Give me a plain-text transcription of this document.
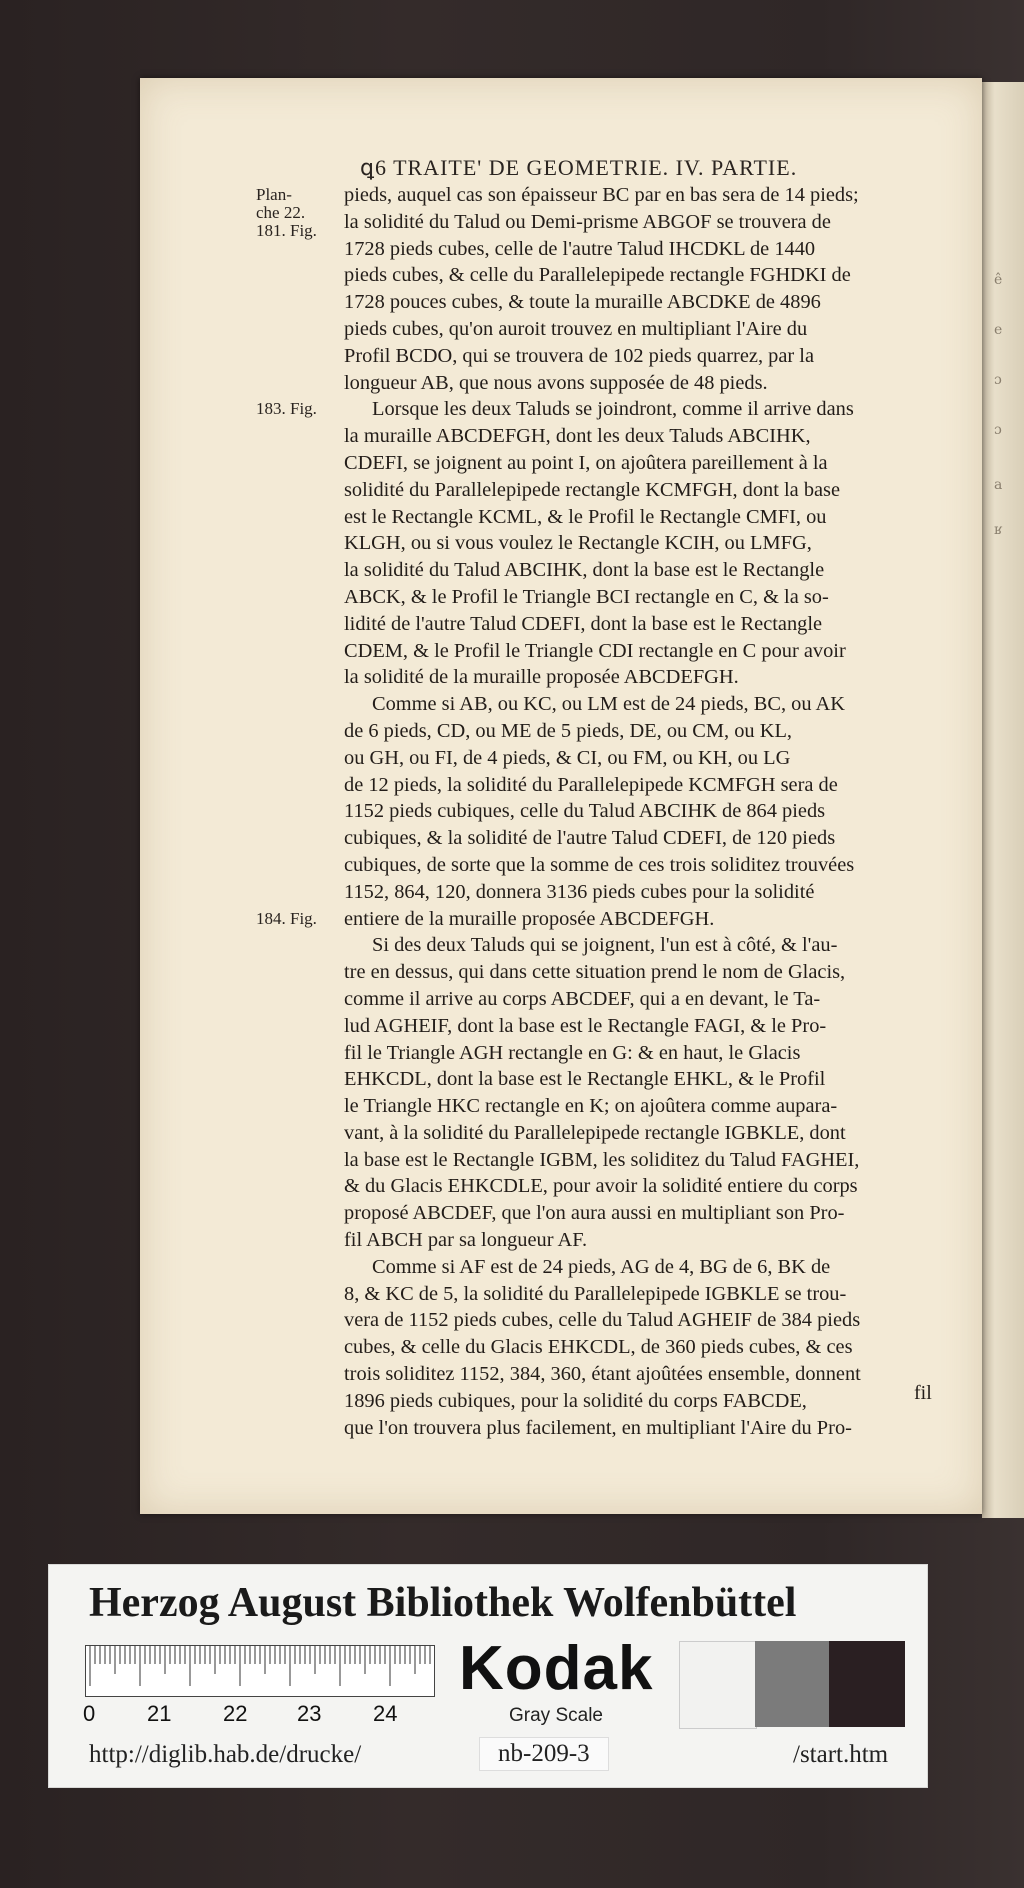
ê
e
ɔ
ɔ
a
ʁ
ꝗ6 TRAITE' DE GEOMETRIE. IV. PARTIE.
Plan-
che 22.
181. Fig.
183. Fig.
184. Fig.
pieds, auquel cas son épaisseur BC par en bas sera de 14 pieds;
la solidité du Talud ou Demi-prisme ABGOF se trouvera de
1728 pieds cubes, celle de l'autre Talud IHCDKL de 1440
pieds cubes, & celle du Parallelepipede rectangle FGHDKI de
1728 pouces cubes, & toute la muraille ABCDKE de 4896
pieds cubes, qu'on auroit trouvez en multipliant l'Aire du
Profil BCDO, qui se trouvera de 102 pieds quarrez, par la
longueur AB, que nous avons supposée de 48 pieds.
Lorsque les deux Taluds se joindront, comme il arrive dans
la muraille ABCDEFGH, dont les deux Taluds ABCIHK,
CDEFI, se joignent au point I, on ajoûtera pareillement à la
solidité du Parallelepipede rectangle KCMFGH, dont la base
est le Rectangle KCML, & le Profil le Rectangle CMFI, ou
KLGH, ou si vous voulez le Rectangle KCIH, ou LMFG,
la solidité du Talud ABCIHK, dont la base est le Rectangle
ABCK, & le Profil le Triangle BCI rectangle en C, & la so-
lidité de l'autre Talud CDEFI, dont la base est le Rectangle
CDEM, & le Profil le Triangle CDI rectangle en C pour avoir
la solidité de la muraille proposée ABCDEFGH.
Comme si AB, ou KC, ou LM est de 24 pieds, BC, ou AK
de 6 pieds, CD, ou ME de 5 pieds, DE, ou CM, ou KL,
ou GH, ou FI, de 4 pieds, & CI, ou FM, ou KH, ou LG
de 12 pieds, la solidité du Parallelepipede KCMFGH sera de
1152 pieds cubiques, celle du Talud ABCIHK de 864 pieds
cubiques, & la solidité de l'autre Talud CDEFI, de 120 pieds
cubiques, de sorte que la somme de ces trois soliditez trouvées
1152, 864, 120, donnera 3136 pieds cubes pour la solidité
entiere de la muraille proposée ABCDEFGH.
Si des deux Taluds qui se joignent, l'un est à côté, & l'au-
tre en dessus, qui dans cette situation prend le nom de Glacis,
comme il arrive au corps ABCDEF, qui a en devant, le Ta-
lud AGHEIF, dont la base est le Rectangle FAGI, & le Pro-
fil le Triangle AGH rectangle en G: & en haut, le Glacis
EHKCDL, dont la base est le Rectangle EHKL, & le Profil
le Triangle HKC rectangle en K; on ajoûtera comme aupara-
vant, à la solidité du Parallelepipede rectangle IGBKLE, dont
la base est le Rectangle IGBM, les soliditez du Talud FAGHEI,
& du Glacis EHKCDLE, pour avoir la solidité entiere du corps
proposé ABCDEF, que l'on aura aussi en multipliant son Pro-
fil ABCH par sa longueur AF.
Comme si AF est de 24 pieds, AG de 4, BG de 6, BK de
8, & KC de 5, la solidité du Parallelepipede IGBKLE se trou-
vera de 1152 pieds cubes, celle du Talud AGHEIF de 384 pieds
cubes, & celle du Glacis EHKCDL, de 360 pieds cubes, & ces
trois soliditez 1152, 384, 360, étant ajoûtées ensemble, donnent
1896 pieds cubiques, pour la solidité du corps FABCDE,
que l'on trouvera plus facilement, en multipliant l'Aire du Pro-
fil
Herzog August Bibliothek Wolfenbüttel
0 21 22 23 24
Kodak
Gray Scale
http://diglib.hab.de/drucke/	nb-209-3	/start.htm
